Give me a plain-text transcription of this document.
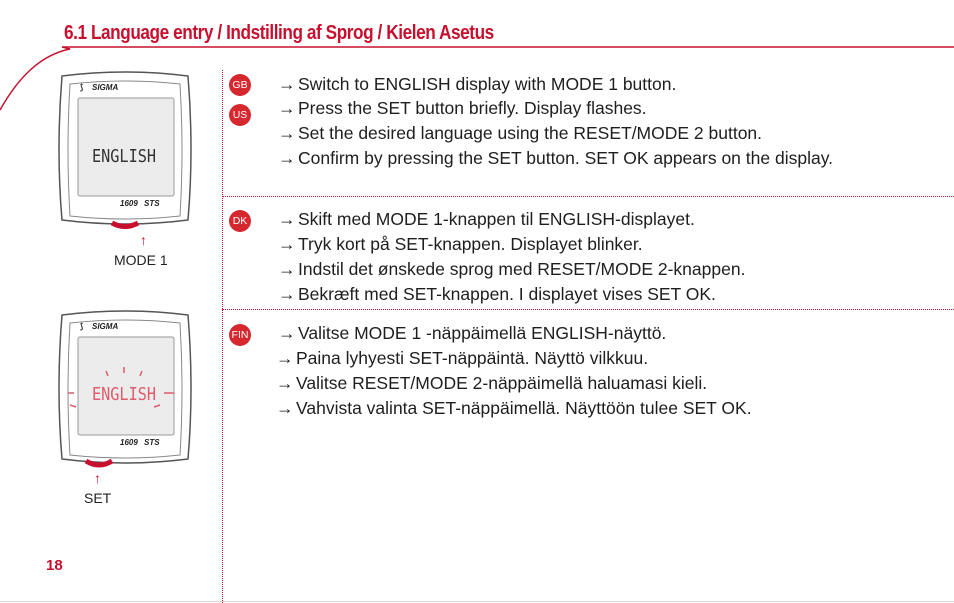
6.1 Language entry / Indstilling af Sprog / Kielen Asetus
⟆ SIGMA
ENGLISH
1609 STS
↑
MODE 1
⟆ SIGMA
ENGLISH
1609 STS
↑
SET
GB
US
→ Switch to ENGLISH display with MODE 1 button.
→ Press the SET button briefly. Display flashes.
→ Set the desired language using the RESET/MODE 2 button.
→ Confirm by pressing the SET button. SET OK appears on the display.
DK → Skift med MODE 1-knappen til ENGLISH-displayet.
→ Tryk kort på SET-knappen. Displayet blinker.
→ Indstil det ønskede sprog med RESET/MODE 2-knappen.
→ Bekræft med SET-knappen. I displayet vises SET OK.
FIN → Valitse MODE 1 -näppäimellä ENGLISH-näyttö.
→ Paina lyhyesti SET-näppäintä. Näyttö vilkkuu.
→ Valitse RESET/MODE 2-näppäimellä haluamasi kieli.
→ Vahvista valinta SET-näppäimellä. Näyttöön tulee SET OK.
18
